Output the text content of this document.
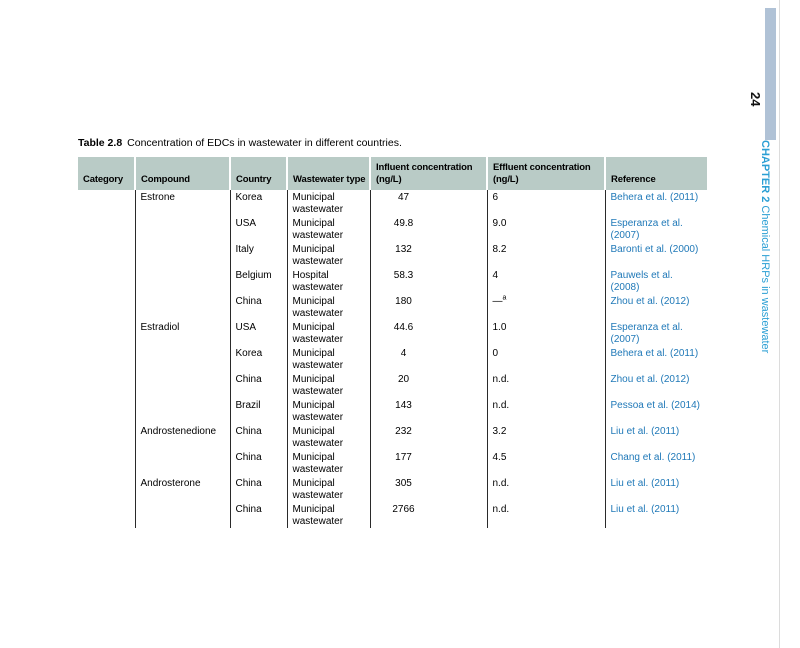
Table 2.8 Concentration of EDCs in wastewater in different countries.
Category	Compound	Country	Wastewater type	Influent concentration (ng/L)	Effluent concentration (ng/L)	Reference
	Estrone	Korea	Municipal wastewater	47	6	Behera et al. (2011)
		USA	Municipal wastewater	49.8	9.0	Esperanza et al. (2007)
		Italy	Municipal wastewater	132	8.2	Baronti et al. (2000)
		Belgium	Hospital wastewater	58.3	4	Pauwels et al. (2008)
		China	Municipal wastewater	180	—$^a$	Zhou et al. (2012)
	Estradiol	USA	Municipal wastewater	44.6	1.0	Esperanza et al. (2007)
		Korea	Municipal wastewater	4	0	Behera et al. (2011)
		China	Municipal wastewater	20	n.d.	Zhou et al. (2012)
		Brazil	Municipal wastewater	143	n.d.	Pessoa et al. (2014)
	Androstenedione	China	Municipal wastewater	232	3.2	Liu et al. (2011)
		China	Municipal wastewater	177	4.5	Chang et al. (2011)
	Androsterone	China	Municipal wastewater	305	n.d.	Liu et al. (2011)
		China	Municipal wastewater	2766	n.d.	Liu et al. (2011)
24
CHAPTER 2 Chemical HRPs in wastewater
